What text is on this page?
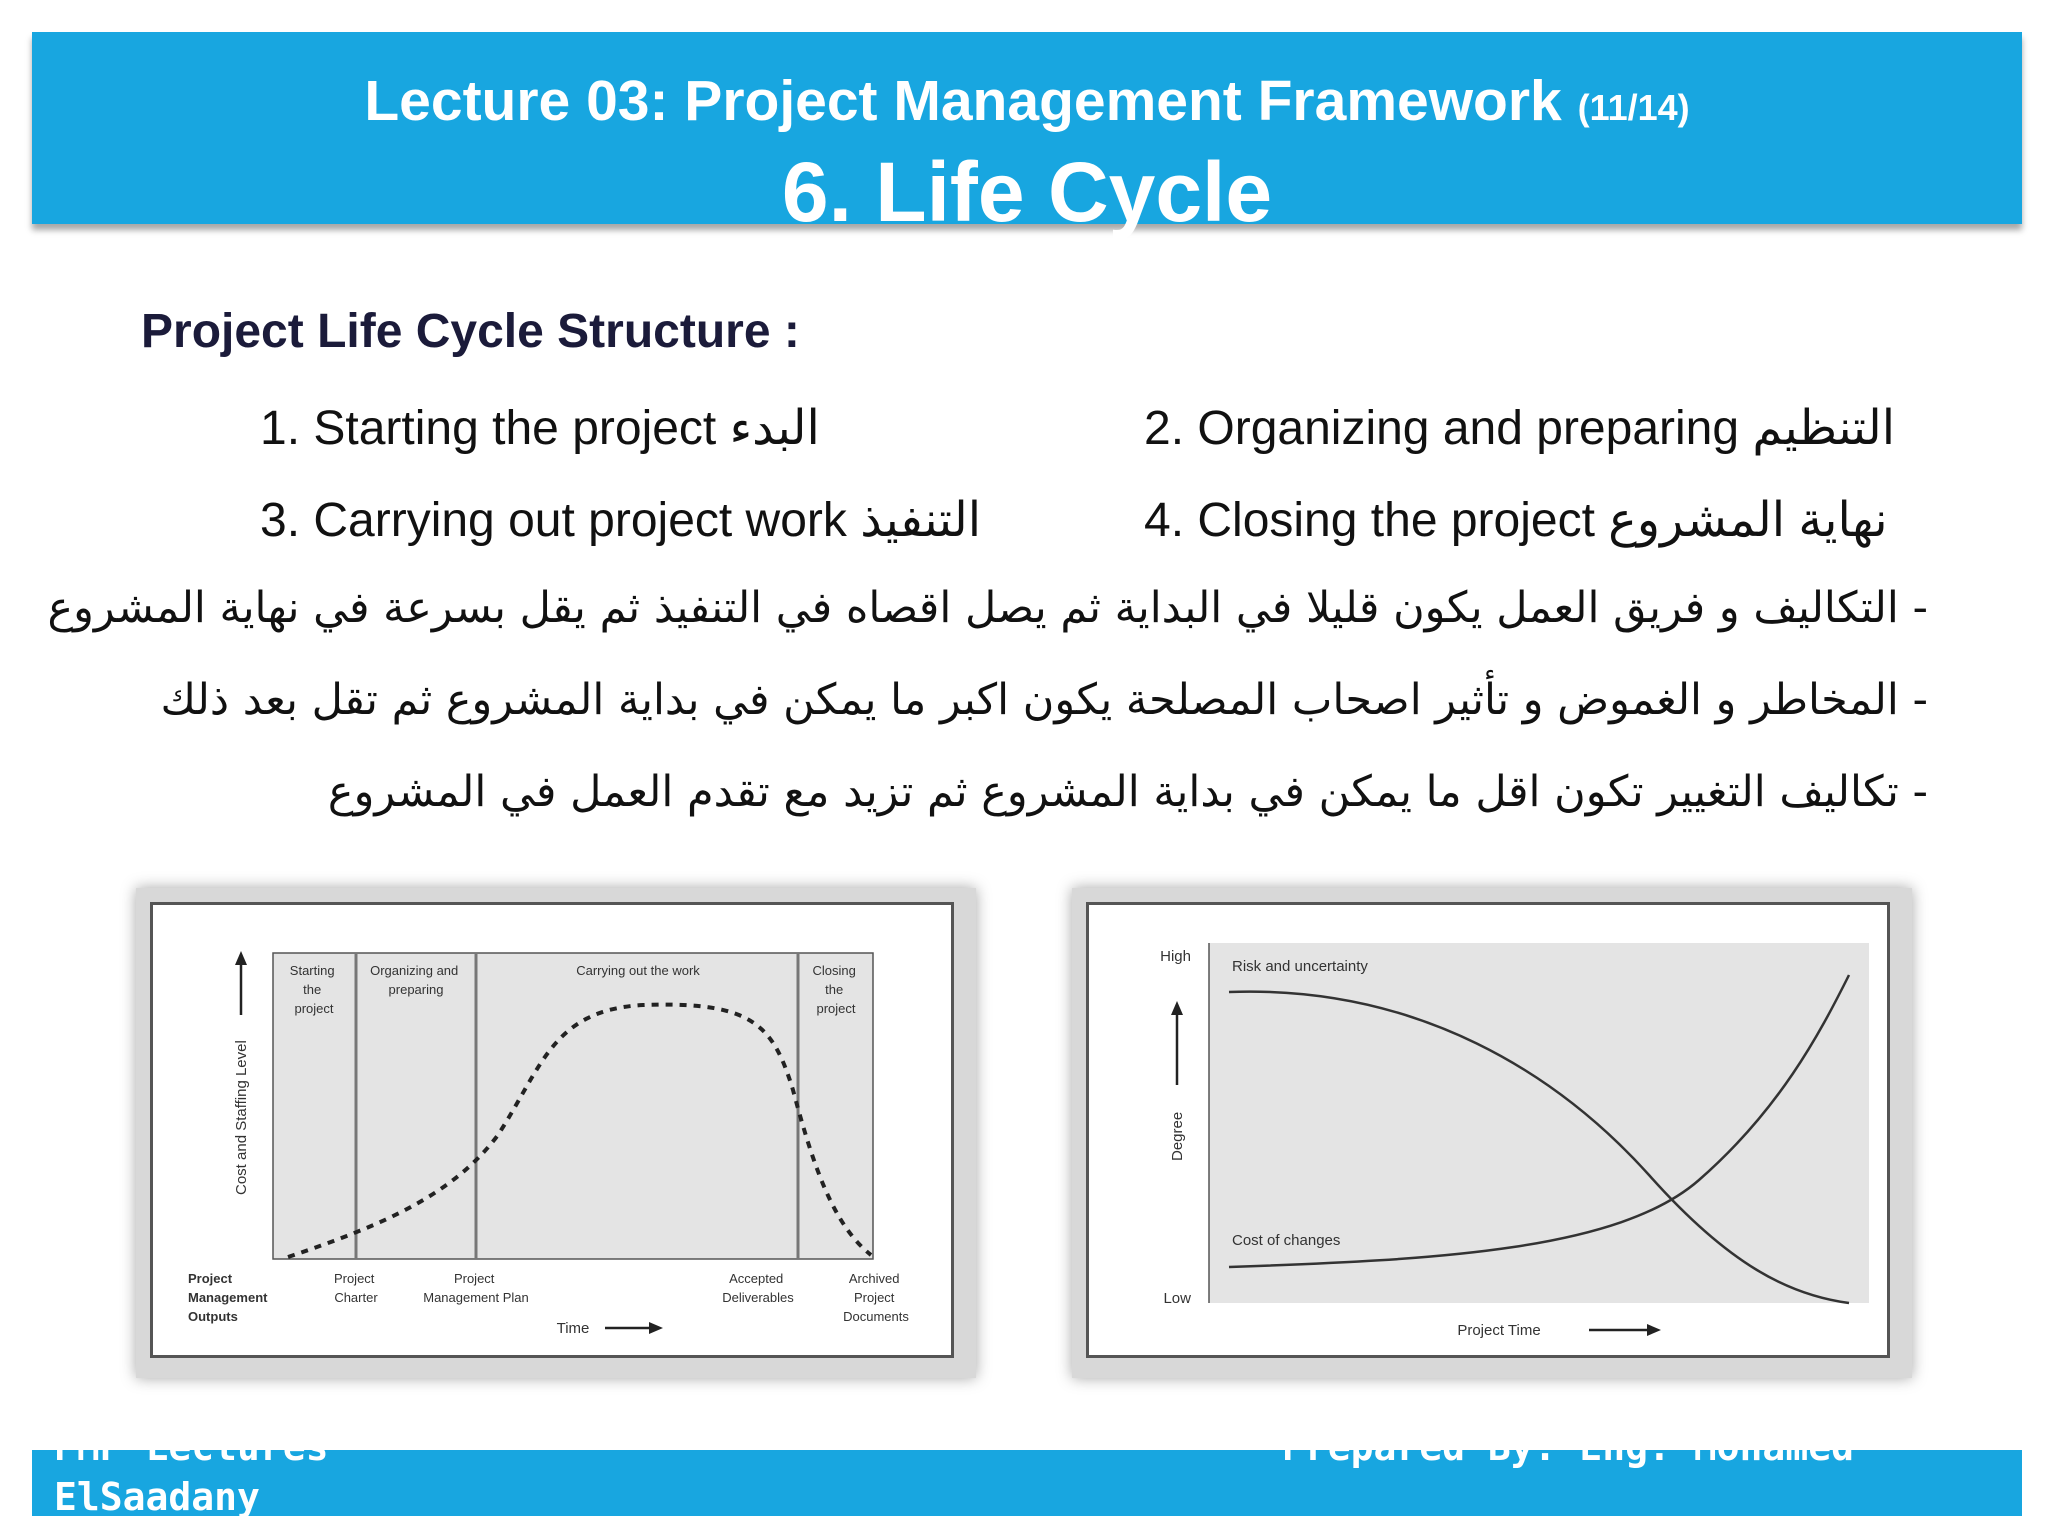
Lecture 03: Project Management Framework (11/14)
6. Life Cycle
Project Life Cycle Structure :
1. Starting the project البدء	2. Organizing and preparing التنظيم
3. Carrying out project work التنفيذ	4. Closing the project نهاية المشروع
- التكاليف و فريق العمل يكون قليلا في البداية ثم يصل اقصاه في التنفيذ ثم يقل بسرعة في نهاية المشروع
- المخاطر و الغموض و تأثير اصحاب المصلحة يكون اكبر ما يمكن في بداية المشروع ثم تقل بعد ذلك
- تكاليف التغيير تكون اقل ما يمكن في بداية المشروع ثم تزيد مع تقدم العمل في المشروع
Cost and Staffing Level
Starting the project
Organizing and preparing
Carrying out the work	Closing the project
Project Management Outputs
Project Charter
Project Management Plan
Accepted Deliverables
Archived Project Documents
Time
High
Low
Degree
Risk and uncertainty
Cost of changes
Project Time
PMP Lectures
ElSaadany
Prepared By: Eng. Mohamed
